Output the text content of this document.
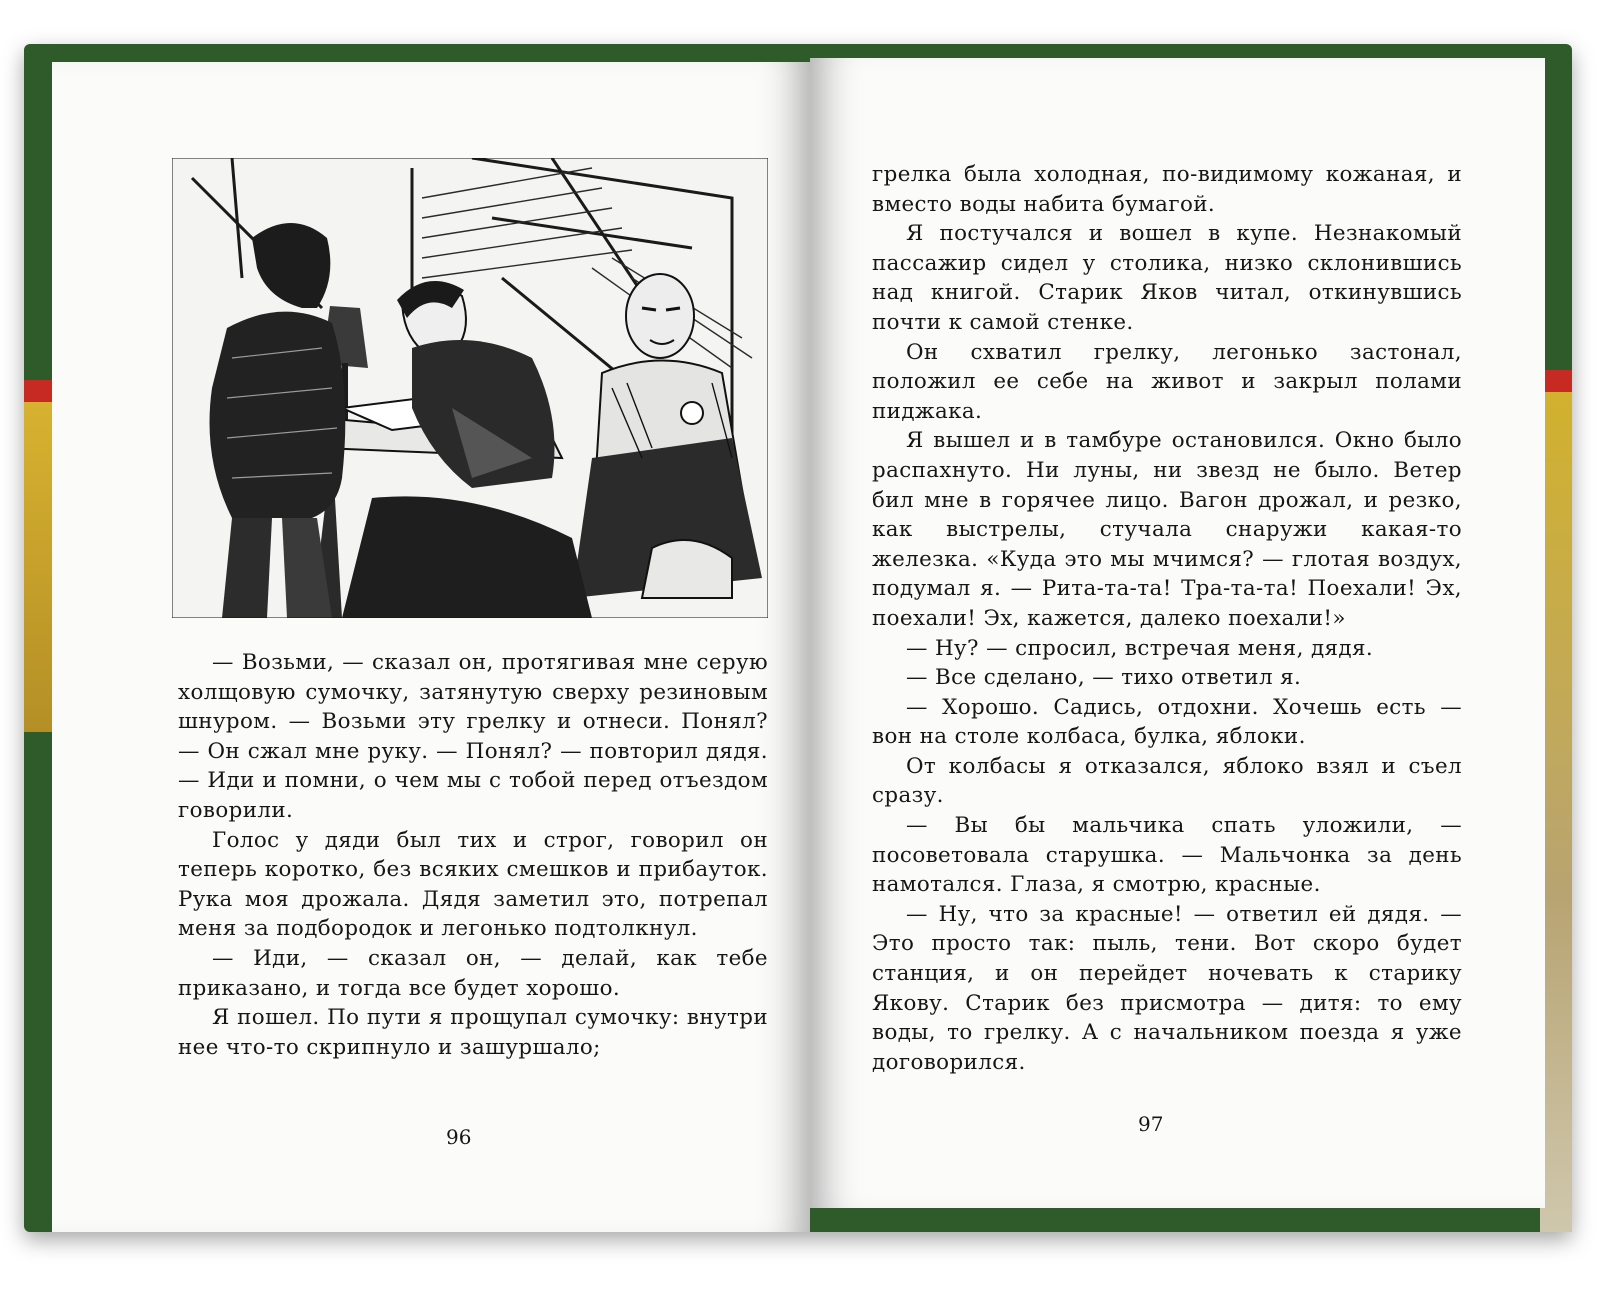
— Возьми, — сказал он, протягивая мне серую холщовую сумочку, затянутую сверху резиновым шнуром. — Возьми эту грелку и отнеси. Понял? — Он сжал мне руку. — Понял? — повторил дядя. — Иди и помни, о чем мы с тобой перед отъездом говорили.

Голос у дяди был тих и строг, говорил он теперь коротко, без всяких смешков и прибауток. Рука моя дрожала. Дядя заметил это, потрепал меня за подбородок и легонько подтолкнул.

— Иди, — сказал он, — делай, как тебе приказано, и тогда все будет хорошо.

Я пошел. По пути я прощупал сумочку: внутри нее что-то скрипнуло и зашуршало;

96

грелка была холодная, по-видимому кожаная, и вместо воды набита бумагой.

Я постучался и вошел в купе. Незнакомый пассажир сидел у столика, низко склонившись над книгой. Старик Яков читал, откинувшись почти к самой стенке.

Он схватил грелку, легонько застонал, положил ее себе на живот и закрыл полами пиджака.

Я вышел и в тамбуре остановился. Окно было распахнуто. Ни луны, ни звезд не было. Ветер бил мне в горячее лицо. Вагон дрожал, и резко, как выстрелы, стучала снаружи какая-то железка. «Куда это мы мчимся? — глотая воздух, подумал я. — Рита-та-та! Тра-та-та! Поехали! Эх, поехали! Эх, кажется, далеко поехали!»

— Ну? — спросил, встречая меня, дядя.

— Все сделано, — тихо ответил я.

— Хорошо. Садись, отдохни. Хочешь есть — вон на столе колбаса, булка, яблоки.

От колбасы я отказался, яблоко взял и съел сразу.

— Вы бы мальчика спать уложили, — посоветовала старушка. — Мальчонка за день намотался. Глаза, я смотрю, красные.

— Ну, что за красные! — ответил ей дядя. — Это просто так: пыль, тени. Вот скоро будет станция, и он перейдет ночевать к старику Якову. Старик без присмотра — дитя: то ему воды, то грелку. А с начальником поезда я уже договорился.

97
